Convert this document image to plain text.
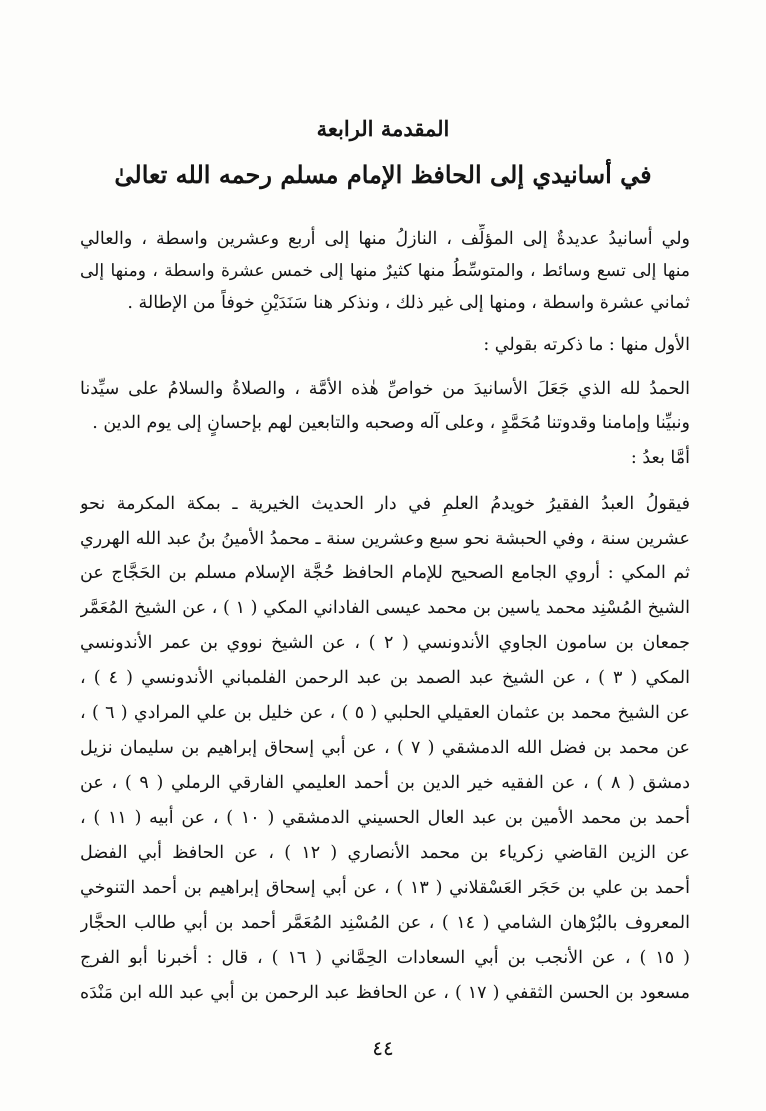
المقدمة الرابعة
في أسانيدي إلى الحافظ الإمام مسلم رحمه الله تعالىٰ
ولي أسانيدُ عديدةٌ إلى المؤلِّف ، النازلُ منها إلى أربع وعشرين واسطة ، والعالي
منها إلى تسع وسائط ، والمتوسِّطُ منها كثيرٌ منها إلى خمس عشرة واسطة ، ومنها إلى
ثماني عشرة واسطة ، ومنها إلى غير ذلك ، ونذكر هنا سَنَدَيْنِ خوفاً من الإطالة .
الأول منها : ما ذكرته بقولي :
الحمدُ لله الذي جَعَلَ الأسانيدَ من خواصِّ هٰذه الأمَّة ، والصلاةُ والسلامُ على سيِّدنا
ونبيِّنا وإمامنا وقدوتنا مُحَمَّدٍ ، وعلى آله وصحبه والتابعين لهم بإحسانٍ إلى يوم الدين .
أمَّا بعدُ :
فيقولُ العبدُ الفقيرُ خويدمُ العلمِ في دار الحديث الخيرية ـ بمكة المكرمة نحو
عشرين سنة ، وفي الحبشة نحو سبع وعشرين سنة ـ محمدُ الأمينُ بنُ عبد الله الهرري
ثم المكي : أروي الجامع الصحيح للإمام الحافظ حُجَّة الإسلام مسلم بن الحَجَّاج عن
الشيخ المُسْنِد محمد ياسين بن محمد عيسى الفاداني المكي ( ١ ) ، عن الشيخ المُعَمَّر
جمعان بن سامون الجاوي الأندونسي ( ٢ ) ، عن الشيخ نووي بن عمر الأندونسي
المكي ( ٣ ) ، عن الشيخ عبد الصمد بن عبد الرحمن الفلمباني الأندونسي ( ٤ ) ،
عن الشيخ محمد بن عثمان العقيلي الحلبي ( ٥ ) ، عن خليل بن علي المرادي ( ٦ ) ،
عن محمد بن فضل الله الدمشقي ( ٧ ) ، عن أبي إسحاق إبراهيم بن سليمان نزيل
دمشق ( ٨ ) ، عن الفقيه خير الدين بن أحمد العليمي الفارقي الرملي ( ٩ ) ، عن
أحمد بن محمد الأمين بن عبد العال الحسيني الدمشقي ( ١٠ ) ، عن أبيه ( ١١ ) ،
عن الزين القاضي زكرياء بن محمد الأنصاري ( ١٢ ) ، عن الحافظ أبي الفضل
أحمد بن علي بن حَجَر العَسْقلاني ( ١٣ ) ، عن أبي إسحاق إبراهيم بن أحمد التنوخي
المعروف بالبُرْهان الشامي ( ١٤ ) ، عن المُسْنِد المُعَمَّر أحمد بن أبي طالب الحجَّار
( ١٥ ) ، عن الأنجب بن أبي السعادات الحِمَّاني ( ١٦ ) ، قال : أخبرنا أبو الفرج
مسعود بن الحسن الثقفي ( ١٧ ) ، عن الحافظ عبد الرحمن بن أبي عبد الله ابن مَنْدَه
٤٤
